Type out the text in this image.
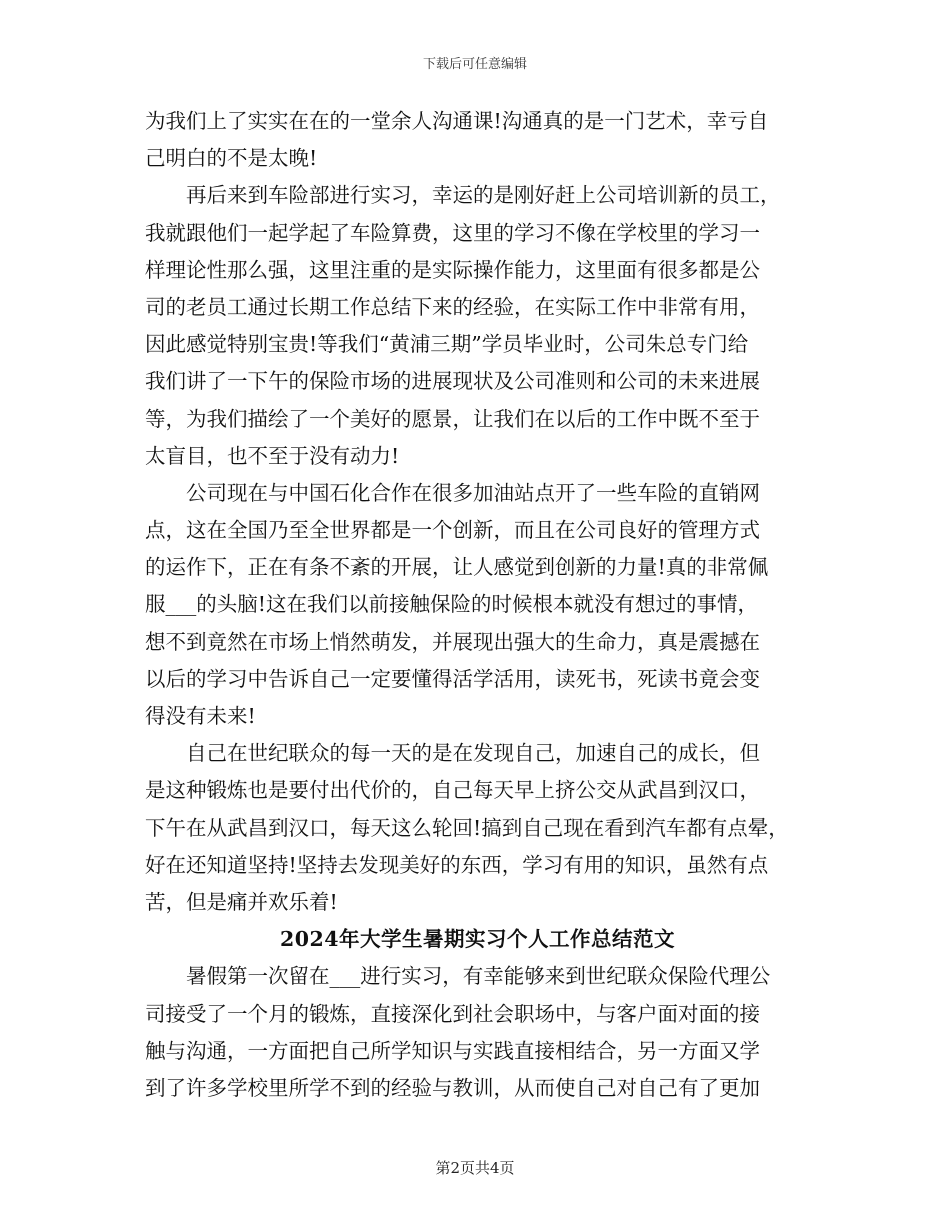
下载后可任意编辑
为我们上了实实在在的一堂余人沟通课!沟通真的是一门艺术，幸亏自
己明白的不是太晚!
再后来到车险部进行实习，幸运的是刚好赶上公司培训新的员工，
我就跟他们一起学起了车险算费，这里的学习不像在学校里的学习一
样理论性那么强，这里注重的是实际操作能力，这里面有很多都是公
司的老员工通过长期工作总结下来的经验，在实际工作中非常有用，
因此感觉特别宝贵!等我们“黄浦三期”学员毕业时，公司朱总专门给
我们讲了一下午的保险市场的进展现状及公司准则和公司的未来进展
等，为我们描绘了一个美好的愿景，让我们在以后的工作中既不至于
太盲目，也不至于没有动力!
公司现在与中国石化合作在很多加油站点开了一些车险的直销网
点，这在全国乃至全世界都是一个创新，而且在公司良好的管理方式
的运作下，正在有条不紊的开展，让人感觉到创新的力量!真的非常佩
服___的头脑!这在我们以前接触保险的时候根本就没有想过的事情，
想不到竟然在市场上悄然萌发，并展现出强大的生命力，真是震撼在
以后的学习中告诉自己一定要懂得活学活用，读死书，死读书竟会变
得没有未来!
自己在世纪联众的每一天的是在发现自己，加速自己的成长，但
是这种锻炼也是要付出代价的，自己每天早上挤公交从武昌到汉口，
下午在从武昌到汉口，每天这么轮回!搞到自己现在看到汽车都有点晕，
好在还知道坚持!坚持去发现美好的东西，学习有用的知识，虽然有点
苦，但是痛并欢乐着!
2024年大学生暑期实习个人工作总结范文
暑假第一次留在___进行实习，有幸能够来到世纪联众保险代理公
司接受了一个月的锻炼，直接深化到社会职场中，与客户面对面的接
触与沟通，一方面把自己所学知识与实践直接相结合，另一方面又学
到了许多学校里所学不到的经验与教训，从而使自己对自己有了更加
第2页共4页
